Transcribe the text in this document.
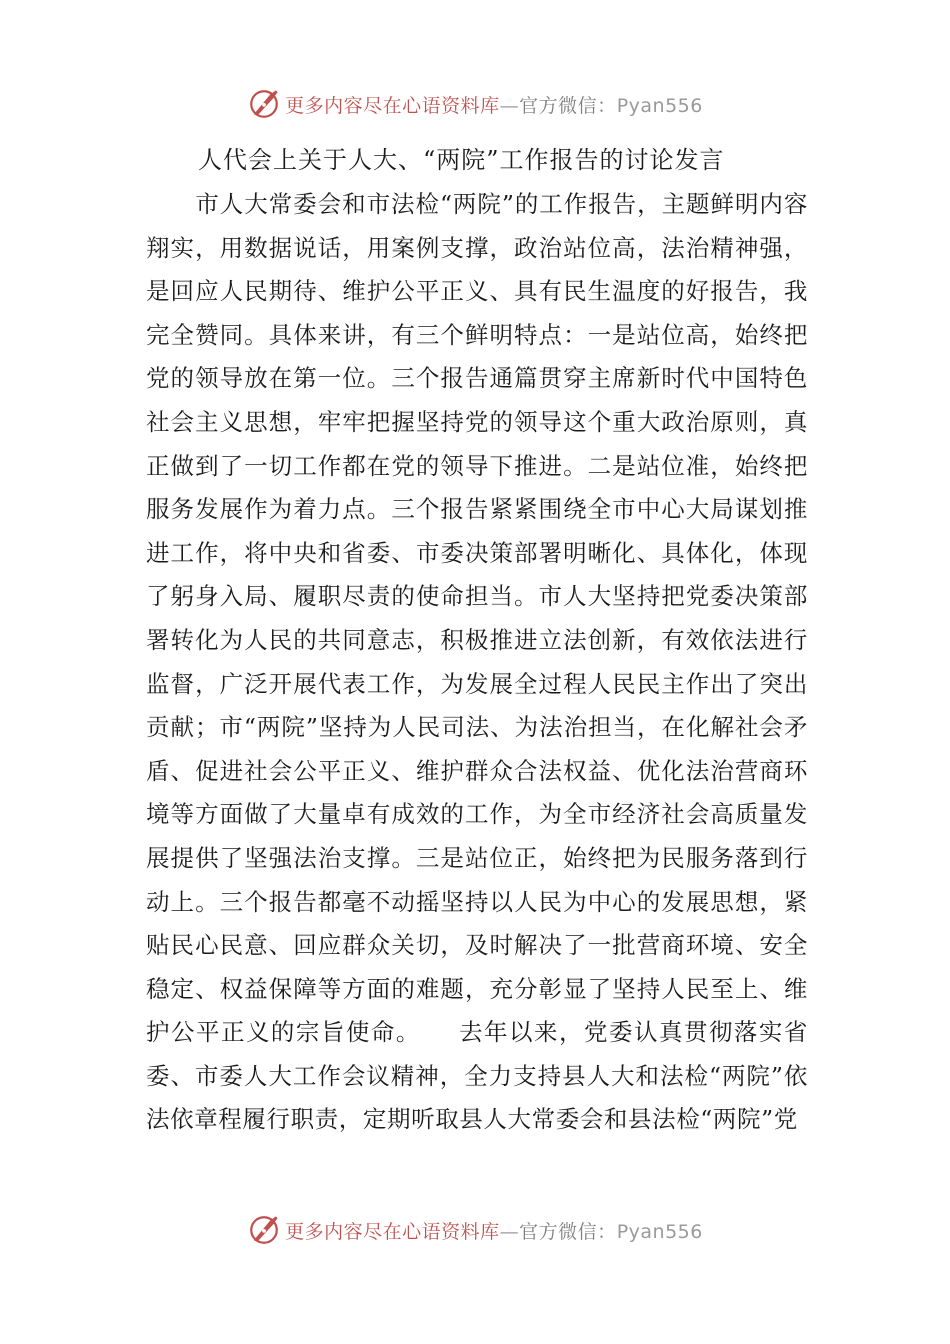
更多内容尽在心语资料库—官方微信：Pyan556
人代会上关于人大、“两院”工作报告的讨论发言

市人大常委会和市法检“两院”的工作报告，主题鲜明内容翔实，用数据说话，用案例支撑，政治站位高，法治精神强，是回应人民期待、维护公平正义、具有民生温度的好报告，我完全赞同。具体来讲，有三个鲜明特点：一是站位高，始终把党的领导放在第一位。三个报告通篇贯穿主席新时代中国特色社会主义思想，牢牢把握坚持党的领导这个重大政治原则，真正做到了一切工作都在党的领导下推进。二是站位准，始终把服务发展作为着力点。三个报告紧紧围绕全市中心大局谋划推进工作，将中央和省委、市委决策部署明晰化、具体化，体现了躬身入局、履职尽责的使命担当。市人大坚持把党委决策部署转化为人民的共同意志，积极推进立法创新，有效依法进行监督，广泛开展代表工作，为发展全过程人民民主作出了突出贡献；市“两院”坚持为人民司法、为法治担当，在化解社会矛盾、促进社会公平正义、维护群众合法权益、优化法治营商环境等方面做了大量卓有成效的工作，为全市经济社会高质量发展提供了坚强法治支撑。三是站位正，始终把为民服务落到行动上。三个报告都毫不动摇坚持以人民为中心的发展思想，紧贴民心民意、回应群众关切，及时解决了一批营商环境、安全稳定、权益保障等方面的难题，充分彰显了坚持人民至上、维护公平正义的宗旨使命。　　去年以来，党委认真贯彻落实省委、市委人大工作会议精神，全力支持县人大和法检“两院”依法依章程履行职责，定期听取县人大常委会和县法检“两院”党

更多内容尽在心语资料库—官方微信：Pyan556
